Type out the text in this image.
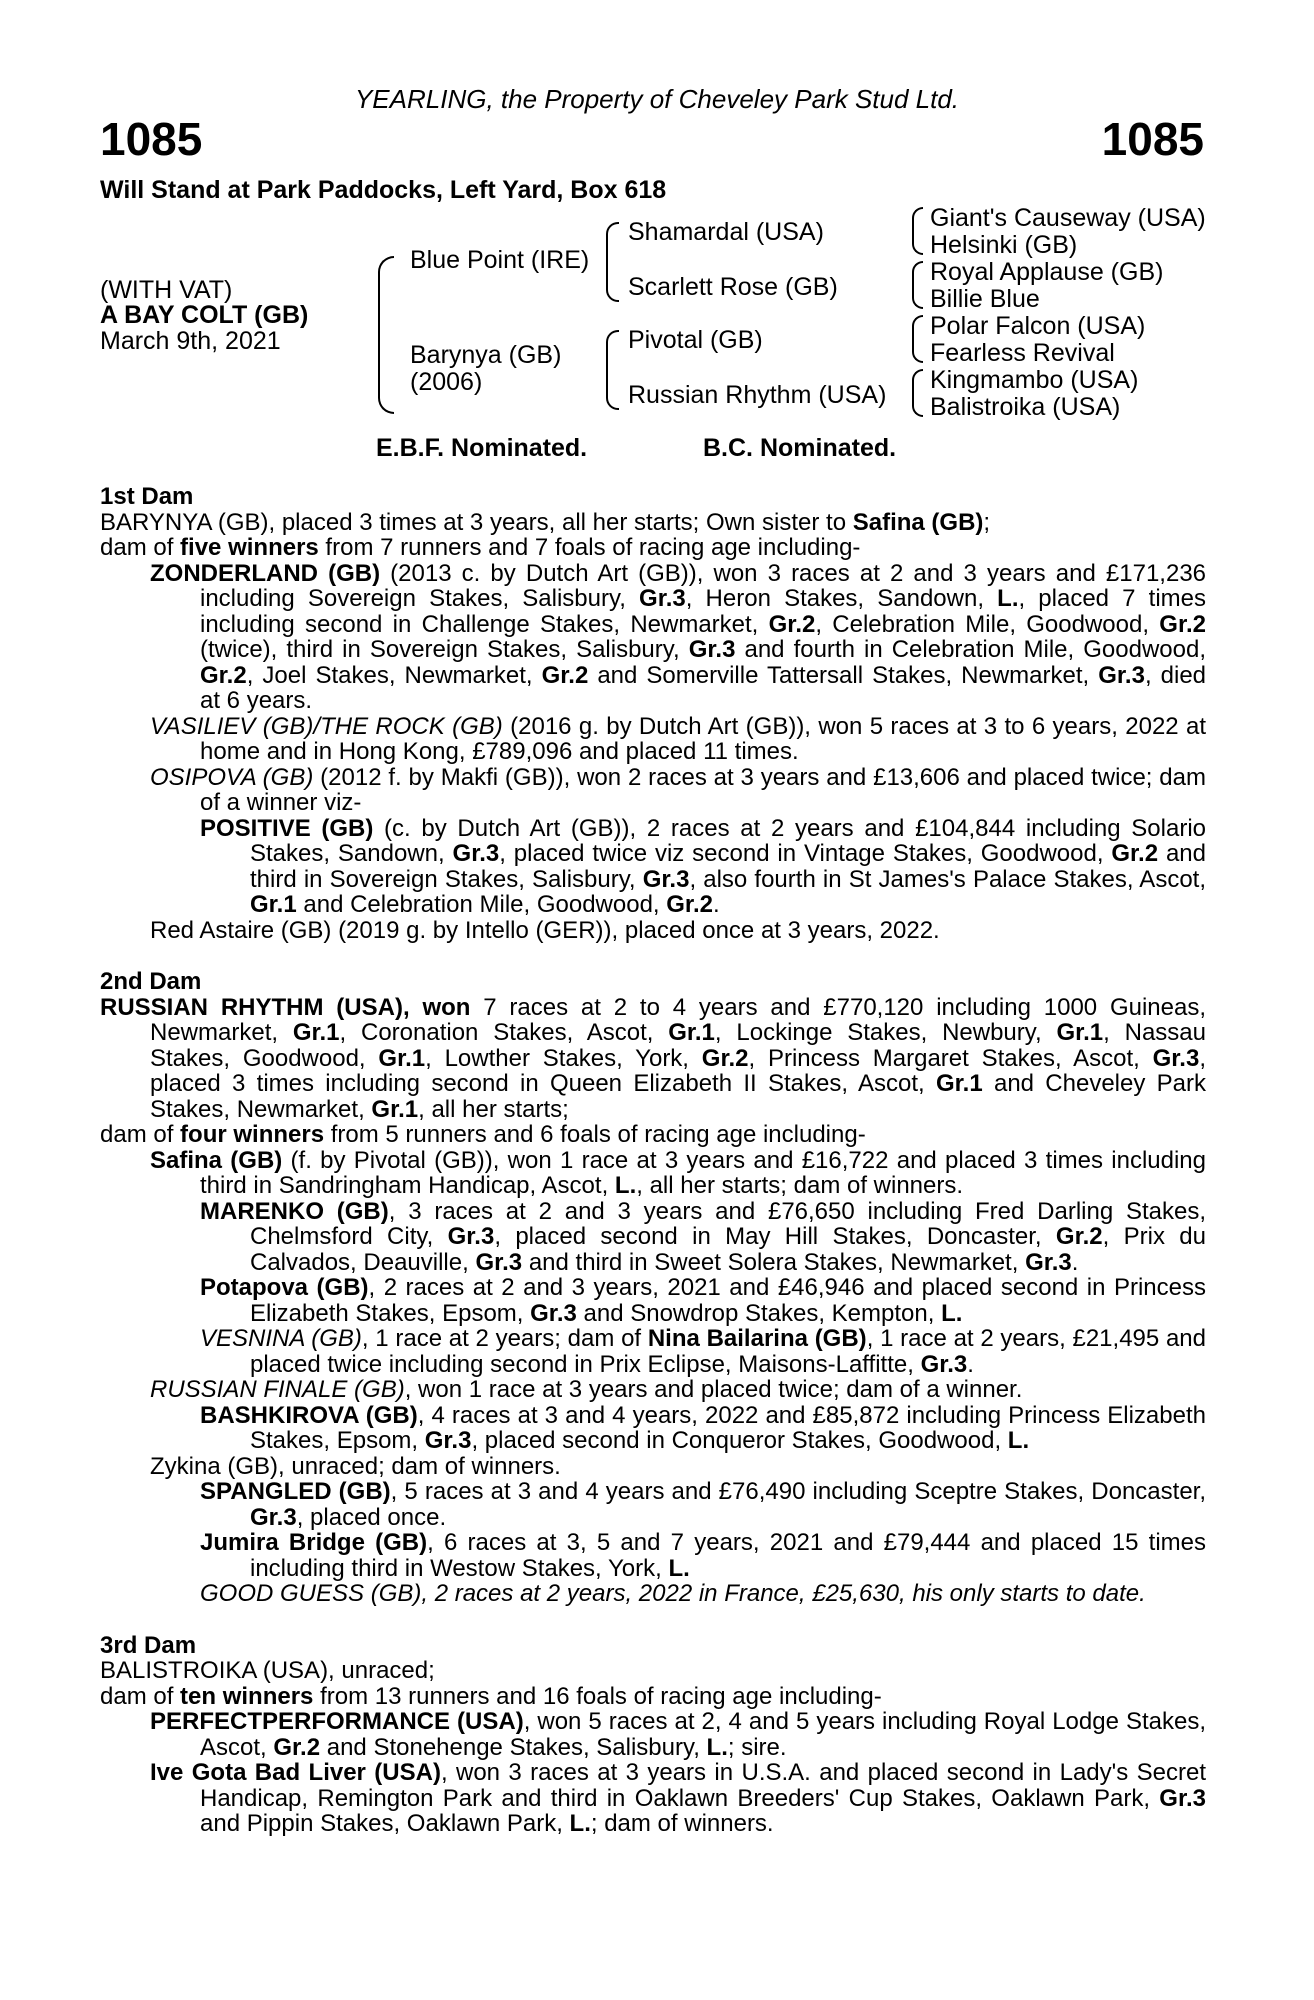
YEARLING, the Property of Cheveley Park Stud Ltd.
1085	1085
Will Stand at Park Paddocks, Left Yard, Box 618
(WITH VAT)
A BAY COLT (GB)
March 9th, 2021
Blue Point (IRE)
Barynya (GB)
(2006)
Shamardal (USA)
Scarlett Rose (GB)
Pivotal (GB)
Russian Rhythm (USA)
Giant's Causeway (USA)
Helsinki (GB)
Royal Applause (GB)
Billie Blue
Polar Falcon (USA)
Fearless Revival
Kingmambo (USA)
Balistroika (USA)
E.B.F. Nominated.	B.C. Nominated.
1st Dam
BARYNYA (GB), placed 3 times at 3 years, all her starts; Own sister to Safina (GB);
dam of five winners from 7 runners and 7 foals of racing age including-
ZONDERLAND (GB) (2013 c. by Dutch Art (GB)), won 3 races at 2 and 3 years and £171,236 including Sovereign Stakes, Salisbury, Gr.3, Heron Stakes, Sandown, L., placed 7 times including second in Challenge Stakes, Newmarket, Gr.2, Celebration Mile, Goodwood, Gr.2 (twice), third in Sovereign Stakes, Salisbury, Gr.3 and fourth in Celebration Mile, Goodwood, Gr.2, Joel Stakes, Newmarket, Gr.2 and Somerville Tattersall Stakes, Newmarket, Gr.3, died at 6 years.
VASILIEV (GB)/THE ROCK (GB) (2016 g. by Dutch Art (GB)), won 5 races at 3 to 6 years, 2022 at home and in Hong Kong, £789,096 and placed 11 times.
OSIPOVA (GB) (2012 f. by Makfi (GB)), won 2 races at 3 years and £13,606 and placed twice; dam of a winner viz-
POSITIVE (GB) (c. by Dutch Art (GB)), 2 races at 2 years and £104,844 including Solario Stakes, Sandown, Gr.3, placed twice viz second in Vintage Stakes, Goodwood, Gr.2 and third in Sovereign Stakes, Salisbury, Gr.3, also fourth in St James's Palace Stakes, Ascot, Gr.1 and Celebration Mile, Goodwood, Gr.2.
Red Astaire (GB) (2019 g. by Intello (GER)), placed once at 3 years, 2022.
2nd Dam
RUSSIAN RHYTHM (USA), won 7 races at 2 to 4 years and £770,120 including 1000 Guineas, Newmarket, Gr.1, Coronation Stakes, Ascot, Gr.1, Lockinge Stakes, Newbury, Gr.1, Nassau Stakes, Goodwood, Gr.1, Lowther Stakes, York, Gr.2, Princess Margaret Stakes, Ascot, Gr.3, placed 3 times including second in Queen Elizabeth II Stakes, Ascot, Gr.1 and Cheveley Park Stakes, Newmarket, Gr.1, all her starts;
dam of four winners from 5 runners and 6 foals of racing age including-
Safina (GB) (f. by Pivotal (GB)), won 1 race at 3 years and £16,722 and placed 3 times including third in Sandringham Handicap, Ascot, L., all her starts; dam of winners.
MARENKO (GB), 3 races at 2 and 3 years and £76,650 including Fred Darling Stakes, Chelmsford City, Gr.3, placed second in May Hill Stakes, Doncaster, Gr.2, Prix du Calvados, Deauville, Gr.3 and third in Sweet Solera Stakes, Newmarket, Gr.3.
Potapova (GB), 2 races at 2 and 3 years, 2021 and £46,946 and placed second in Princess Elizabeth Stakes, Epsom, Gr.3 and Snowdrop Stakes, Kempton, L.
VESNINA (GB), 1 race at 2 years; dam of Nina Bailarina (GB), 1 race at 2 years, £21,495 and placed twice including second in Prix Eclipse, Maisons-Laffitte, Gr.3.
RUSSIAN FINALE (GB), won 1 race at 3 years and placed twice; dam of a winner.
BASHKIROVA (GB), 4 races at 3 and 4 years, 2022 and £85,872 including Princess Elizabeth Stakes, Epsom, Gr.3, placed second in Conqueror Stakes, Goodwood, L.
Zykina (GB), unraced; dam of winners.
SPANGLED (GB), 5 races at 3 and 4 years and £76,490 including Sceptre Stakes, Doncaster, Gr.3, placed once.
Jumira Bridge (GB), 6 races at 3, 5 and 7 years, 2021 and £79,444 and placed 15 times including third in Westow Stakes, York, L.
GOOD GUESS (GB), 2 races at 2 years, 2022 in France, £25,630, his only starts to date.
3rd Dam
BALISTROIKA (USA), unraced;
dam of ten winners from 13 runners and 16 foals of racing age including-
PERFECTPERFORMANCE (USA), won 5 races at 2, 4 and 5 years including Royal Lodge Stakes, Ascot, Gr.2 and Stonehenge Stakes, Salisbury, L.; sire.
Ive Gota Bad Liver (USA), won 3 races at 3 years in U.S.A. and placed second in Lady's Secret Handicap, Remington Park and third in Oaklawn Breeders' Cup Stakes, Oaklawn Park, Gr.3 and Pippin Stakes, Oaklawn Park, L.; dam of winners.
